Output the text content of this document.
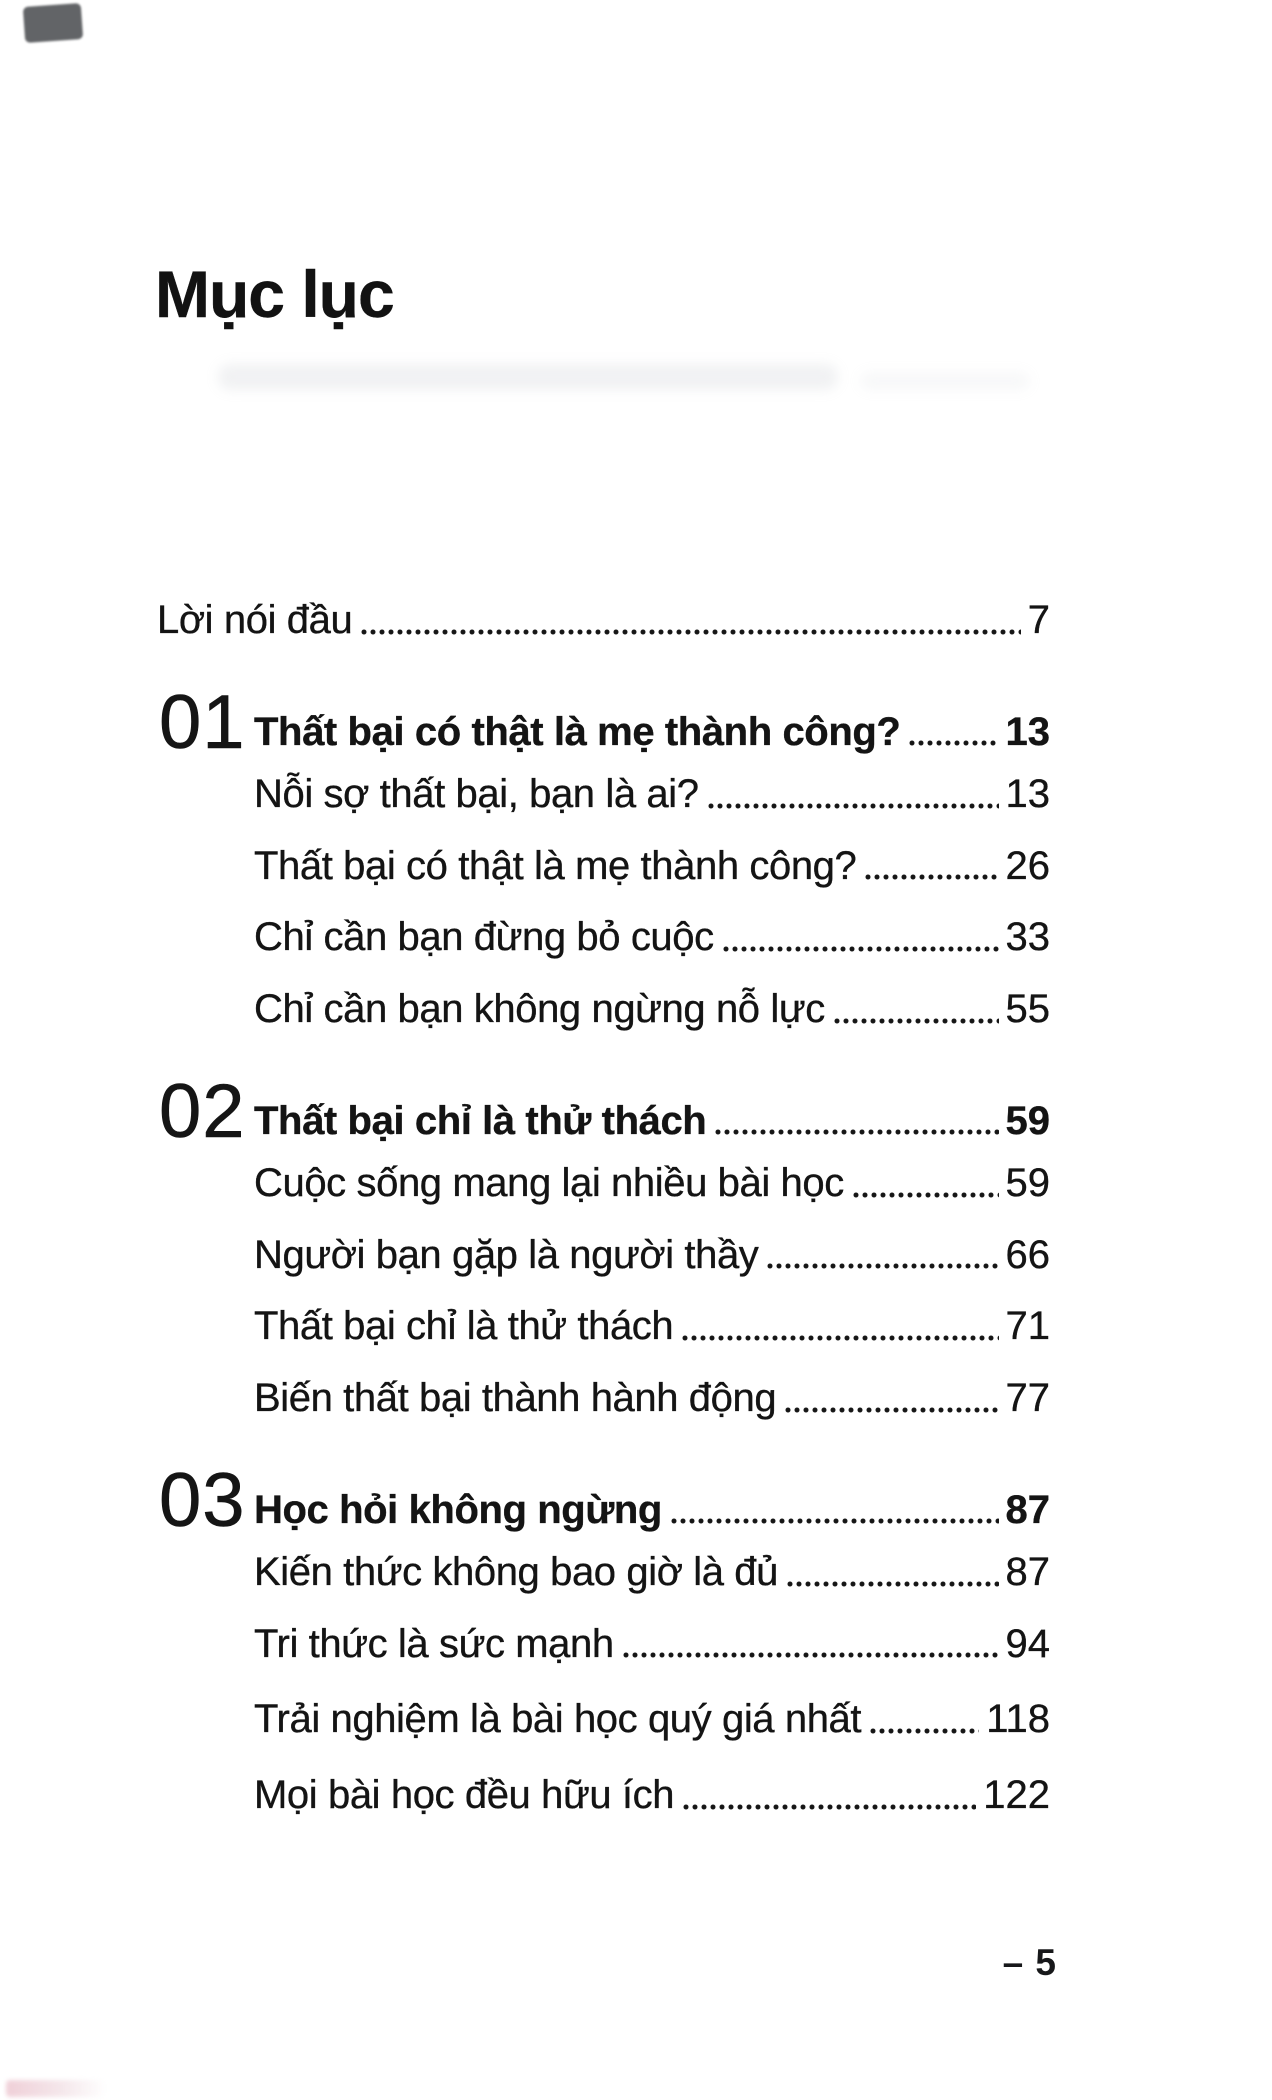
Mục lục
Lời nói đầu	7
01 Thất bại có thật là mẹ thành công?	13
Nỗi sợ thất bại, bạn là ai?	13
Thất bại có thật là mẹ thành công?	26
Chỉ cần bạn đừng bỏ cuộc	33
Chỉ cần bạn không ngừng nỗ lực	55
02 Thất bại chỉ là thử thách	59
Cuộc sống mang lại nhiều bài học	59
Người bạn gặp là người thầy	66
Thất bại chỉ là thử thách	71
Biến thất bại thành hành động	77
03 Học hỏi không ngừng	87
Kiến thức không bao giờ là đủ	87
Tri thức là sức mạnh	94
Trải nghiệm là bài học quý giá nhất	118
Mọi bài học đều hữu ích	122
– 5
